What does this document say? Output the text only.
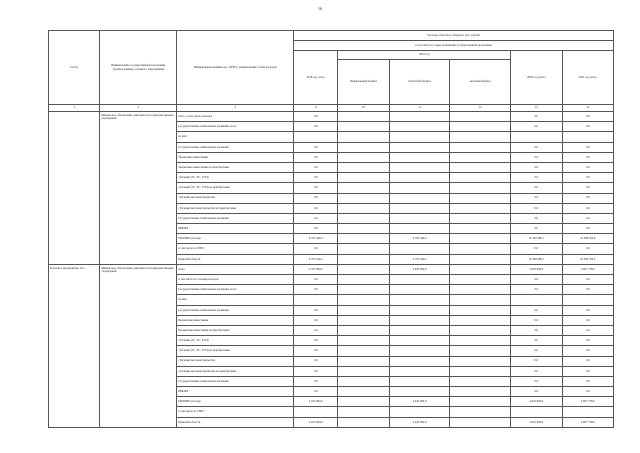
16
Статус	Наименование государственной программы (подпрограммы), основного мероприятия	Наименование индикатора...(ГРБС), наименование статей расходов	Расходы областного бюджета, тыс. рублей					
			в том числе по годам реализации государственной программы					
			2018 год, всего	2019 год			2020 год, всего	2021 год, всего
				Федеральный бюджет	областной бюджет	местный бюджет		
1	2	3	9	10	11	12	13	14
	Финансовое обеспечение деятельности подведомственных учреждений	всего, в том числе расходы:	0,0				0,0	0,0
		Государственные капитальные вложения, всего	0,0				0,0	0,0
		из них:						
		Государственные капитальные вложения	0,0				0,0	0,0
		бюджетные инвестиции	0,0				0,0	0,0
		бюджетные инвестиции на приобретение	0,0				0,0	0,0
		субсидии (ГС, ЕС, ГУП)	0,0				0,0	0,0
		субсидии (ГС, ЕС, ГУП) на приобретение	0,0				0,0	0,0
		субсидии местным бюджетам	0,0				0,0	0,0
		субсидии местным бюджетам на приобретение	0,0				0,0	0,0
		Государственные капитальные вложения	0,0				0,0	0,0
		НИОКР	0,0				0,0	0,0
		ПРОЧИЕ расходы	9 765 440,4		9 765 440,4		10 100 689,1	10 368 350,6
		в том числе по ГРБС:	0,0				0,0	0,0
		Брянской области	9 765 440,4		9 765 440,4		10 100 689,1	10 368 350,6
Основное мероприятие 12.4	Финансовое обеспечение деятельности подведомственных учреждений	всего	4 425 994,9		4 425 994,9		4 610 984,0	4 667 758,0
		в том числе по статьям расходов:	0,0				0,0	0,0
		Государственные капитальные вложения, всего	0,0				0,0	0,0
		из них:						
		Государственные капитальные вложения	0,0				0,0	0,0
		Бюджетные инвестиции	0,0				0,0	0,0
		Бюджетные инвестиции на приобретение	0,0				0,0	0,0
		субсидии (ГС, ЕС, ГУП)	0,0				0,0	0,0
		субсидии (ГС, ЕС, ГУП) на приобретение	0,0				0,0	0,0
		субсидии местным бюджетам	0,0				0,0	0,0
		субсидии местным бюджетам на приобретение	0,0				0,0	0,0
		Государственные капитальные вложения	0,0				0,0	0,0
		НИОКР	0,0				0,0	0,0
		ПРОЧИЕ расходы	4 425 994,9		4 425 994,9		4 610 984,0	4 667 758,0
		в том числе по ГРБС:						
		Брянской области	4 425 994,9		4 425 994,9		4 610 984,0	4 667 758,0
